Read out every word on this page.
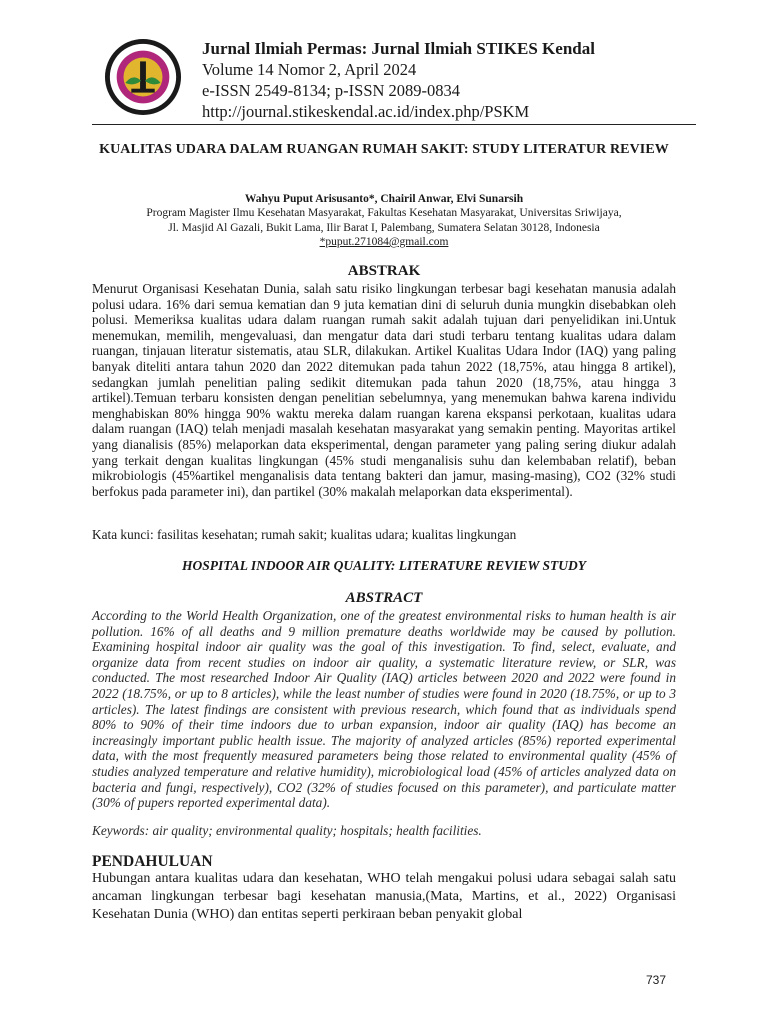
Jurnal Ilmiah Permas: Jurnal Ilmiah STIKES Kendal
Volume 14 Nomor 2, April 2024
e-ISSN 2549-8134; p-ISSN 2089-0834
http://journal.stikeskendal.ac.id/index.php/PSKM
KUALITAS UDARA DALAM RUANGAN RUMAH SAKIT: STUDY LITERATUR REVIEW
Wahyu Puput Arisusanto*, Chairil Anwar, Elvi Sunarsih
Program Magister Ilmu Kesehatan Masyarakat, Fakultas Kesehatan Masyarakat, Universitas Sriwijaya,
Jl. Masjid Al Gazali, Bukit Lama, Ilir Barat I, Palembang, Sumatera Selatan 30128, Indonesia
*puput.271084@gmail.com
ABSTRAK
Menurut Organisasi Kesehatan Dunia, salah satu risiko lingkungan terbesar bagi kesehatan manusia adalah polusi udara. 16% dari semua kematian dan 9 juta kematian dini di seluruh dunia mungkin disebabkan oleh polusi. Memeriksa kualitas udara dalam ruangan rumah sakit adalah tujuan dari penyelidikan ini.Untuk menemukan, memilih, mengevaluasi, dan mengatur data dari studi terbaru tentang kualitas udara dalam ruangan, tinjauan literatur sistematis, atau SLR, dilakukan. Artikel Kualitas Udara Indor (IAQ) yang paling banyak diteliti antara tahun 2020 dan 2022 ditemukan pada tahun 2022 (18,75%, atau hingga 8 artikel), sedangkan jumlah penelitian paling sedikit ditemukan pada tahun 2020 (18,75%, atau hingga 3 artikel).Temuan terbaru konsisten dengan penelitian sebelumnya, yang menemukan bahwa karena individu menghabiskan 80% hingga 90% waktu mereka dalam ruangan karena ekspansi perkotaan, kualitas udara dalam ruangan (IAQ) telah menjadi masalah kesehatan masyarakat yang semakin penting. Mayoritas artikel yang dianalisis (85%) melaporkan data eksperimental, dengan parameter yang paling sering diukur adalah yang terkait dengan kualitas lingkungan (45% studi menganalisis suhu dan kelembaban relatif), beban mikrobiologis (45%artikel menganalisis data tentang bakteri dan jamur, masing-masing), CO2 (32% studi berfokus pada parameter ini), dan partikel (30% makalah melaporkan data eksperimental).
Kata kunci: fasilitas kesehatan; rumah sakit; kualitas udara; kualitas lingkungan
HOSPITAL INDOOR AIR QUALITY: LITERATURE REVIEW STUDY
ABSTRACT
According to the World Health Organization, one of the greatest environmental risks to human health is air pollution. 16% of all deaths and 9 million premature deaths worldwide may be caused by pollution. Examining hospital indoor air quality was the goal of this investigation. To find, select, evaluate, and organize data from recent studies on indoor air quality, a systematic literature review, or SLR, was conducted. The most researched Indoor Air Quality (IAQ) articles between 2020 and 2022 were found in 2022 (18.75%, or up to 8 articles), while the least number of studies were found in 2020 (18.75%, or up to 3 articles). The latest findings are consistent with previous research, which found that as individuals spend 80% to 90% of their time indoors due to urban expansion, indoor air quality (IAQ) has become an increasingly important public health issue. The majority of analyzed articles (85%) reported experimental data, with the most frequently measured parameters being those related to environmental quality (45% of studies analyzed temperature and relative humidity), microbiological load (45% of articles analyzed data on bacteria and fungi, respectively), CO2 (32% of studies focused on this parameter), and particulate matter (30% of pupers reported experimental data).
Keywords: air quality; environmental quality; hospitals; health facilities.
PENDAHULUAN
Hubungan antara kualitas udara dan kesehatan, WHO telah mengakui polusi udara sebagai salah satu ancaman lingkungan terbesar bagi kesehatan manusia,(Mata, Martins, et al., 2022) Organisasi Kesehatan Dunia (WHO) dan entitas seperti perkiraan beban penyakit global
737
